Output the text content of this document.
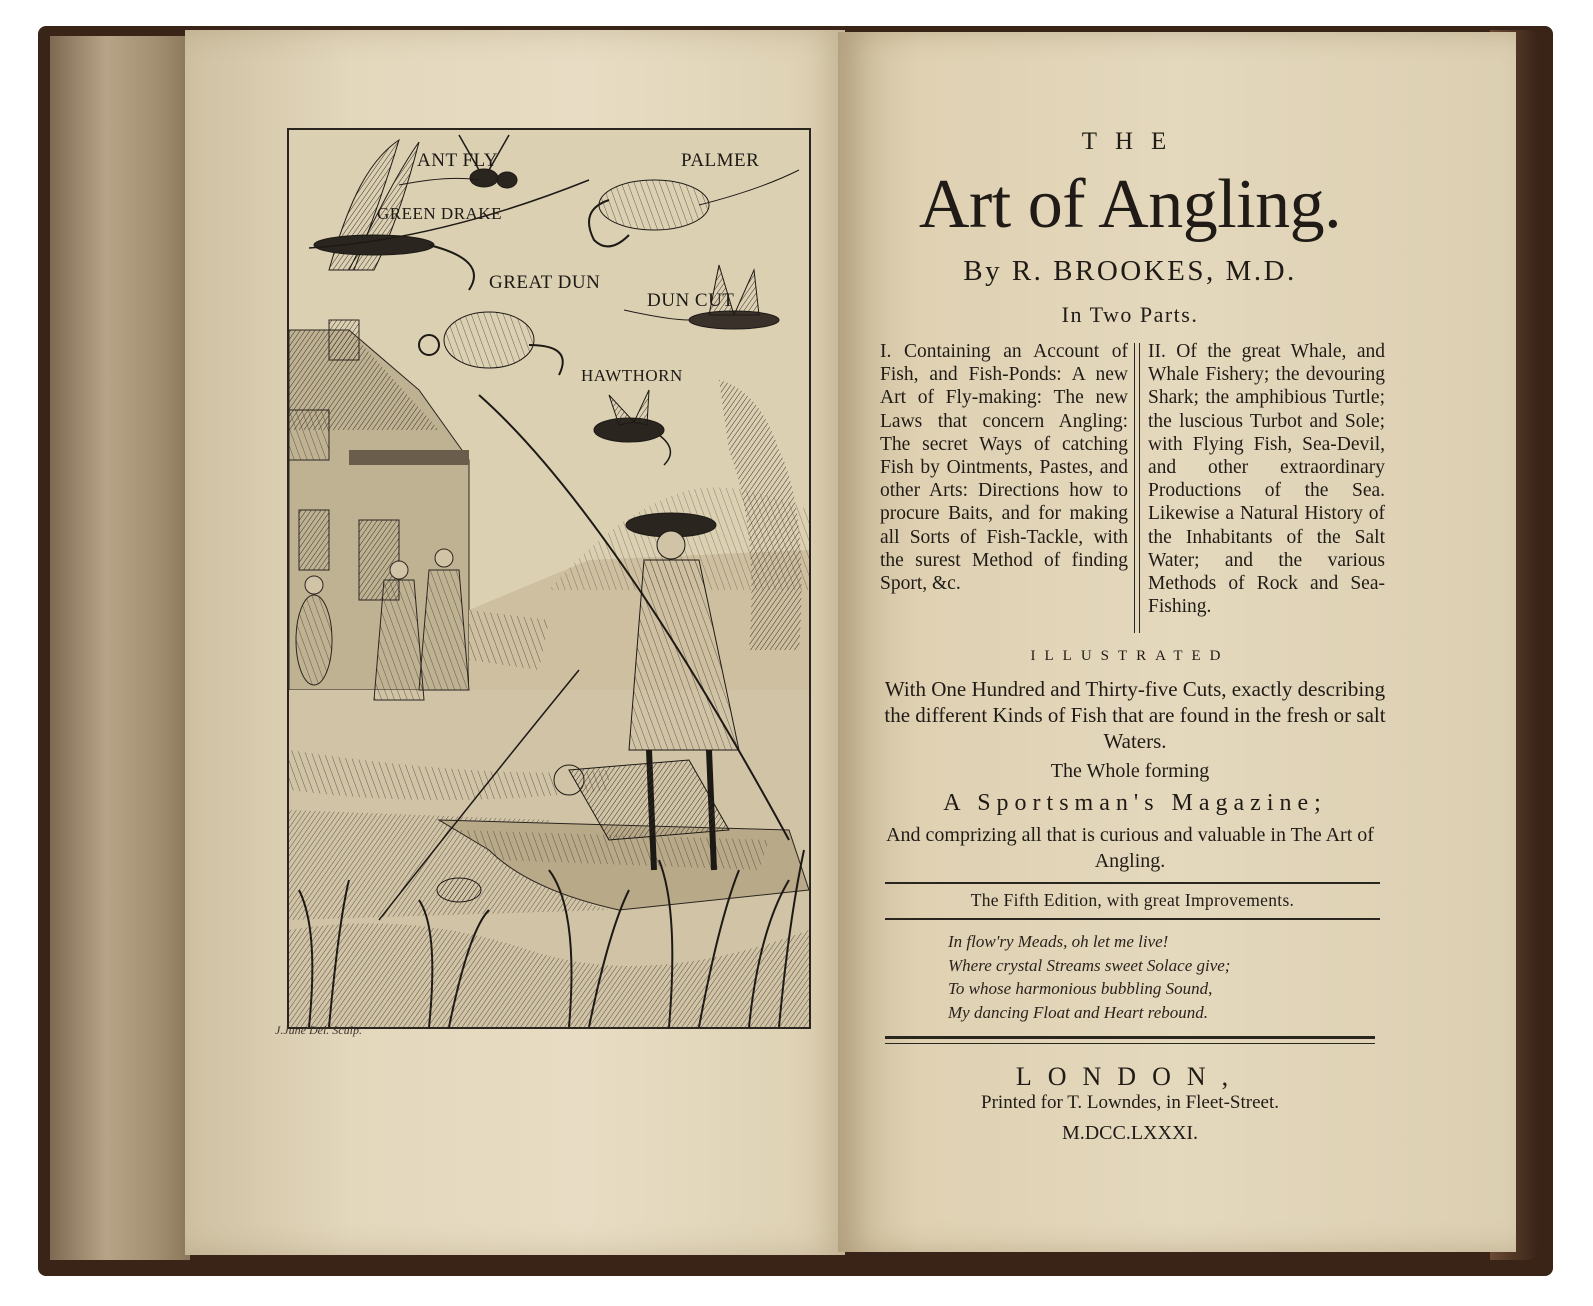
ANT FLY	PALMER
GREEN DRAKE
GREAT DUN
DUN CUT
HAWTHORN
J.June Del. Sculp.
THE
Art of Angling.
By R. BROOKES, M.D.
In Two Parts.
I. Containing an Account of Fish, and Fish-Ponds: A new Art of Fly-making: The new Laws that concern Angling: The secret Ways of catching Fish by Ointments, Pastes, and other Arts: Directions how to procure Baits, and for making all Sorts of Fish-Tackle, with the surest Method of finding Sport, &c.
II. Of the great Whale, and Whale Fishery; the devouring Shark; the amphibious Turtle; the luscious Turbot and Sole; with Flying Fish, Sea-Devil, and other extraordinary Productions of the Sea. Likewise a Natural History of the Inhabitants of the Salt Water; and the various Methods of Rock and Sea-Fishing.
ILLUSTRATED
With One Hundred and Thirty-five Cuts, exactly describing the different Kinds of Fish that are found in the fresh or salt Waters.
The Whole forming
A Sportsman's Magazine;
And comprizing all that is curious and valuable in The Art of Angling.
The Fifth Edition, with great Improvements.
In flow'ry Meads, oh let me live!
Where crystal Streams sweet Solace give;
To whose harmonious bubbling Sound,
My dancing Float and Heart rebound.
LONDON,
Printed for T. Lowndes, in Fleet-Street.
M.DCC.LXXXI.
